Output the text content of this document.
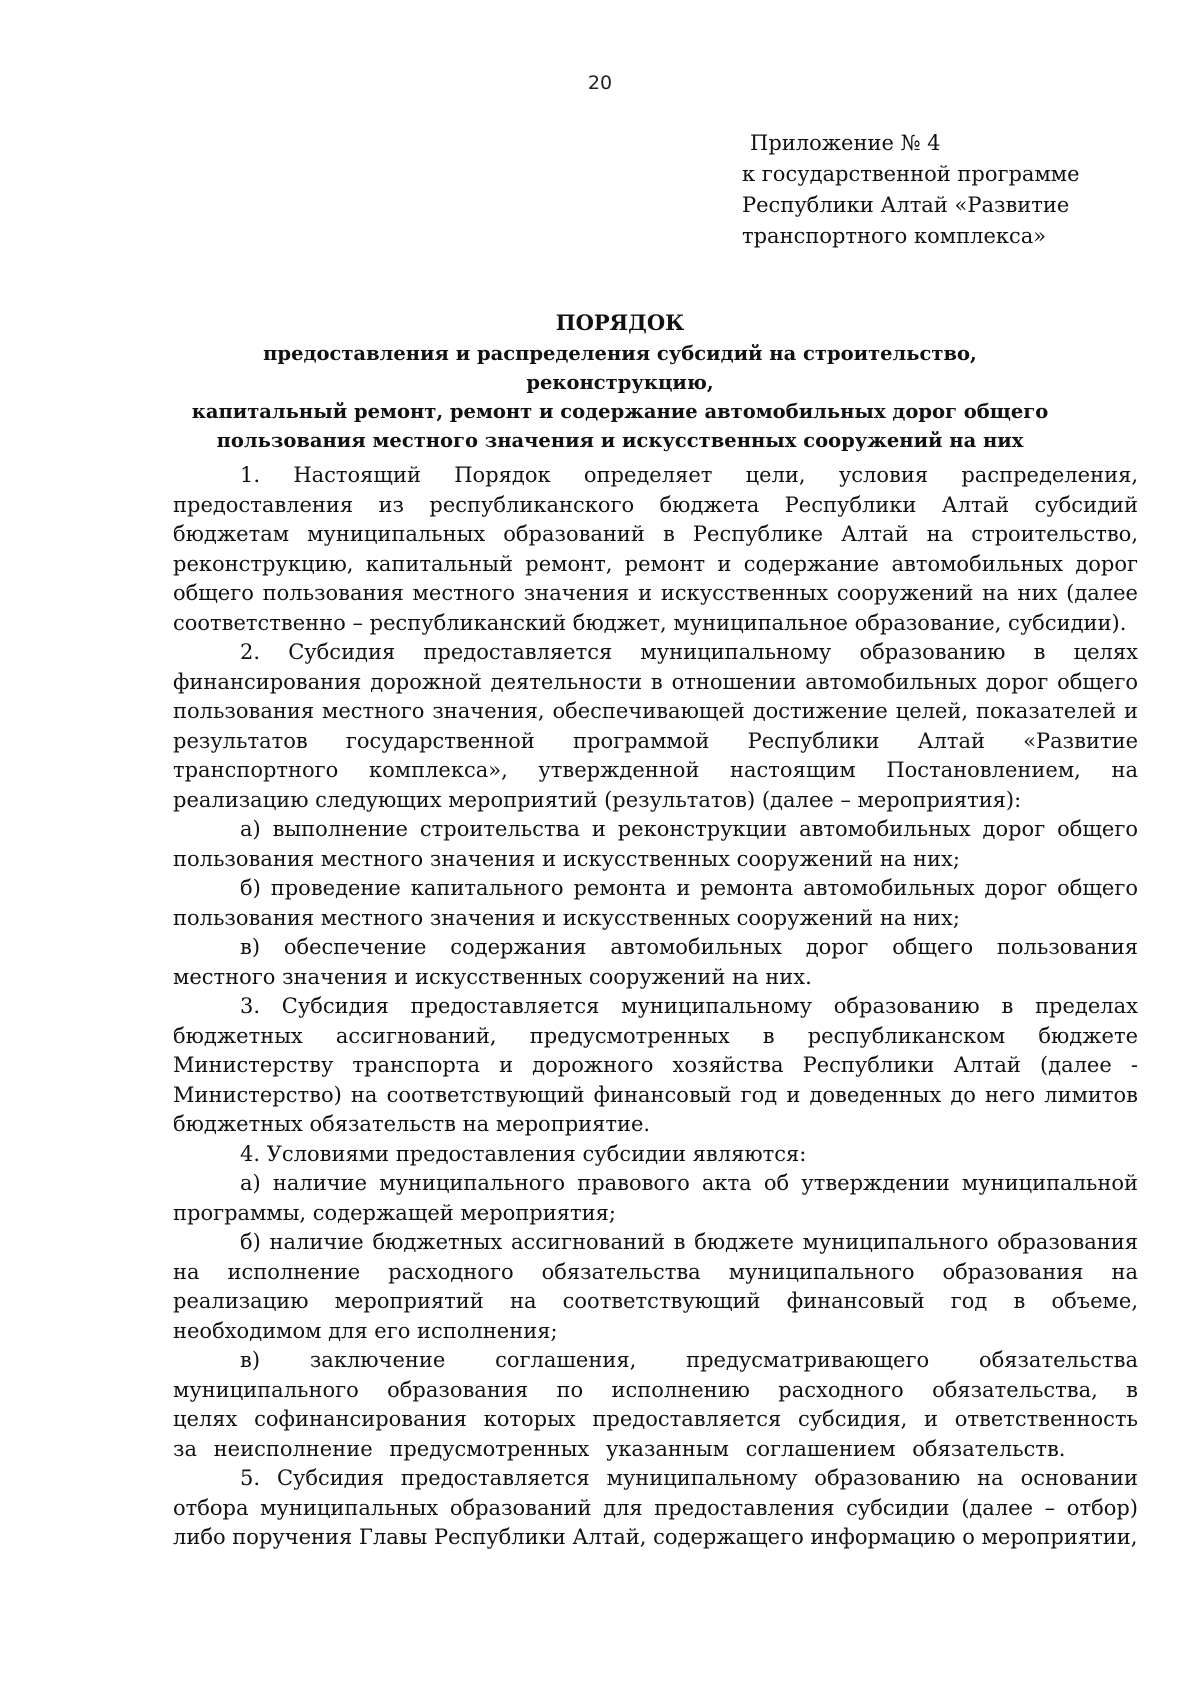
20
Приложение № 4
к государственной программе
Республики Алтай «Развитие
транспортного комплекса»
ПОРЯДОК
предоставления и распределения субсидий на строительство, реконструкцию,
капитальный ремонт, ремонт и содержание автомобильных дорог общего
пользования местного значения и искусственных сооружений на них

1. Настоящий Порядок определяет цели, условия распределения, предоставления из республиканского бюджета Республики Алтай субсидий бюджетам муниципальных образований в Республике Алтай на строительство, реконструкцию, капитальный ремонт, ремонт и содержание автомобильных дорог общего пользования местного значения и искусственных сооружений на них (далее соответственно – республиканский бюджет, муниципальное образование, субсидии).

2. Субсидия предоставляется муниципальному образованию в целях финансирования дорожной деятельности в отношении автомобильных дорог общего пользования местного значения, обеспечивающей достижение целей, показателей и результатов государственной программой Республики Алтай «Развитие транспортного комплекса», утвержденной настоящим Постановлением, на реализацию следующих мероприятий (результатов) (далее – мероприятия):

а) выполнение строительства и реконструкции автомобильных дорог общего пользования местного значения и искусственных сооружений на них;

б) проведение капитального ремонта и ремонта автомобильных дорог общего пользования местного значения и искусственных сооружений на них;

в) обеспечение содержания автомобильных дорог общего пользования местного значения и искусственных сооружений на них.

3. Субсидия предоставляется муниципальному образованию в пределах бюджетных ассигнований, предусмотренных в республиканском бюджете Министерству транспорта и дорожного хозяйства Республики Алтай (далее - Министерство) на соответствующий финансовый год и доведенных до него лимитов бюджетных обязательств на мероприятие.

4. Условиями предоставления субсидии являются:

а) наличие муниципального правового акта об утверждении муниципальной программы, содержащей мероприятия;

б) наличие бюджетных ассигнований в бюджете муниципального образования на исполнение расходного обязательства муниципального образования на реализацию мероприятий на соответствующий финансовый год в объеме, необходимом для его исполнения;

в) заключение соглашения, предусматривающего обязательства муниципального образования по исполнению расходного обязательства, в целях софинансирования которых предоставляется субсидия, и ответственность за неисполнение предусмотренных указанным соглашением обязательств.

5. Субсидия предоставляется муниципальному образованию на основании отбора муниципальных образований для предоставления субсидии (далее – отбор) либо поручения Главы Республики Алтай, содержащего информацию о мероприятии,
